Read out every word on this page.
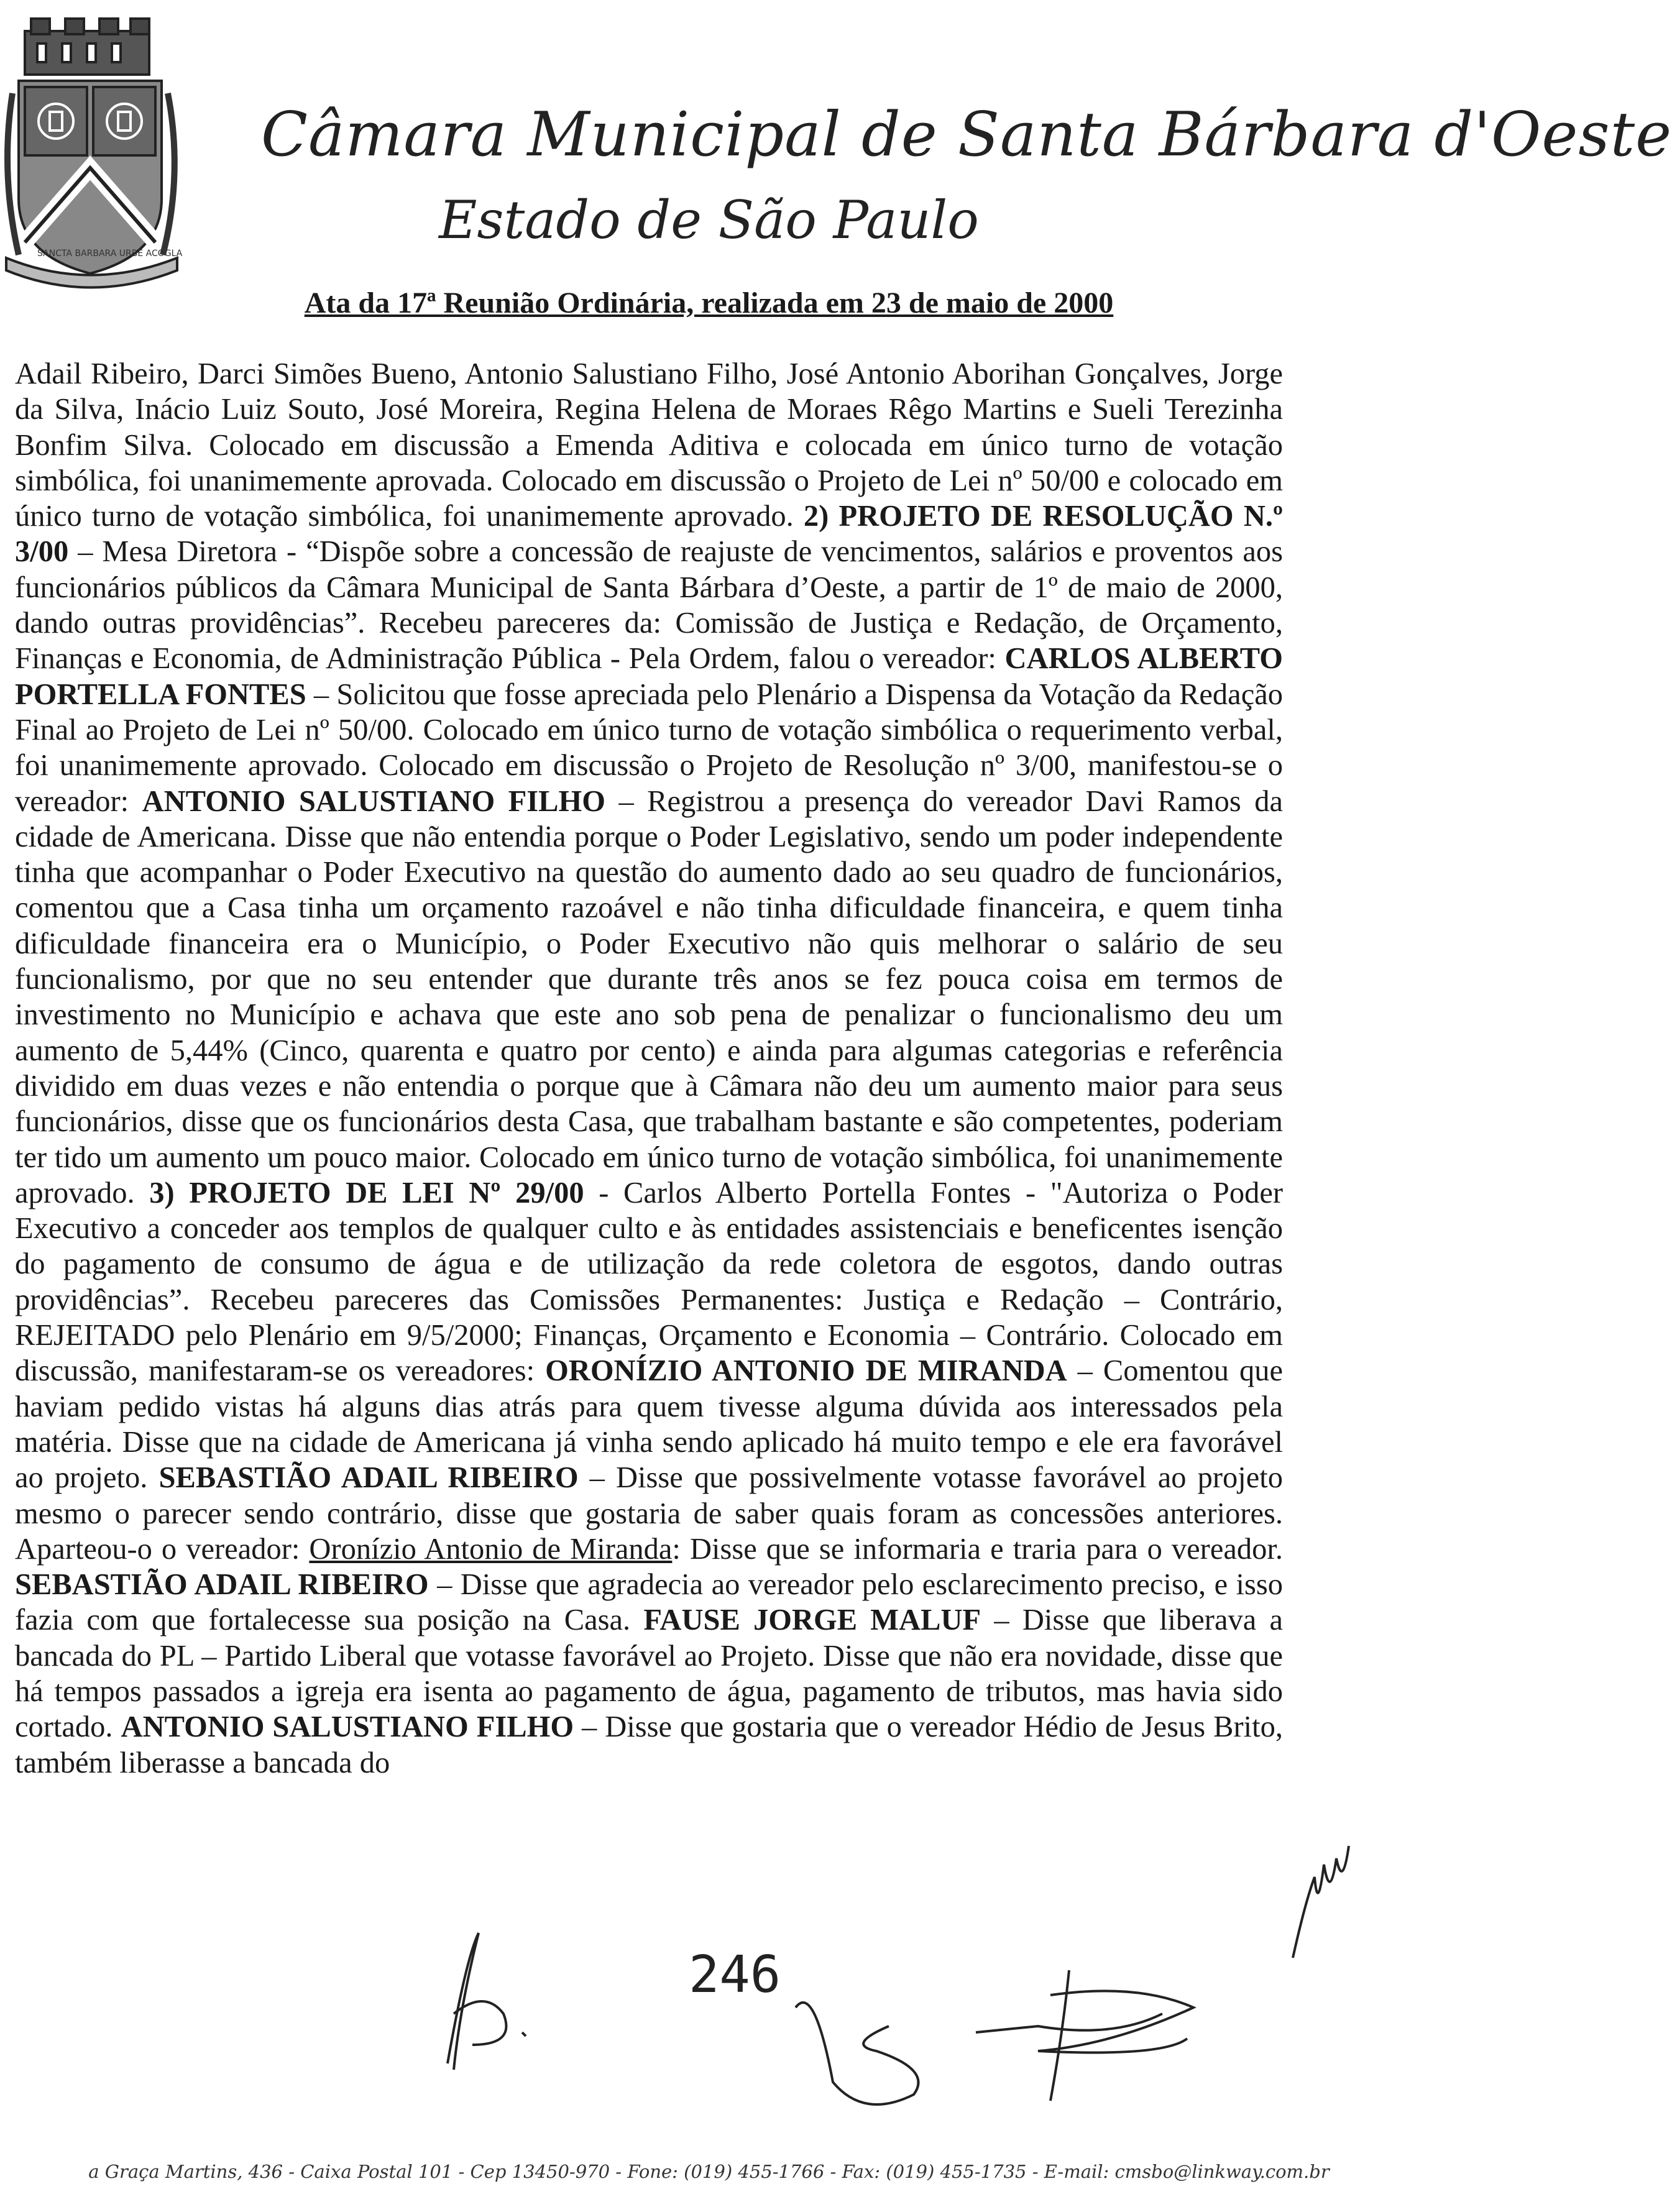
SANCTA BARBARA URBE ACOGLA
Câmara Municipal de Santa Bárbara d'Oeste
Estado de São Paulo
Ata da 17ª Reunião Ordinária, realizada em 23 de maio de 2000
Adail Ribeiro, Darci Simões Bueno, Antonio Salustiano Filho, José Antonio Aborihan Gonçalves, Jorge da Silva, Inácio Luiz Souto, José Moreira, Regina Helena de Moraes Rêgo Martins e Sueli Terezinha Bonfim Silva. Colocado em discussão a Emenda Aditiva e colocada em único turno de votação simbólica, foi unanimemente aprovada. Colocado em discussão o Projeto de Lei nº 50/00 e colocado em único turno de votação simbólica, foi unanimemente aprovado. 2) PROJETO DE RESOLUÇÃO N.º 3/00 – Mesa Diretora - “Dispõe sobre a concessão de reajuste de vencimentos, salários e proventos aos funcionários públicos da Câmara Municipal de Santa Bárbara d’Oeste, a partir de 1º de maio de 2000, dando outras providências”. Recebeu pareceres da: Comissão de Justiça e Redação, de Orçamento, Finanças e Economia, de Administração Pública - Pela Ordem, falou o vereador: CARLOS ALBERTO PORTELLA FONTES – Solicitou que fosse apreciada pelo Plenário a Dispensa da Votação da Redação Final ao Projeto de Lei nº 50/00. Colocado em único turno de votação simbólica o requerimento verbal, foi unanimemente aprovado. Colocado em discussão o Projeto de Resolução nº 3/00, manifestou-se o vereador: ANTONIO SALUSTIANO FILHO – Registrou a presença do vereador Davi Ramos da cidade de Americana. Disse que não entendia porque o Poder Legislativo, sendo um poder independente tinha que acompanhar o Poder Executivo na questão do aumento dado ao seu quadro de funcionários, comentou que a Casa tinha um orçamento razoável e não tinha dificuldade financeira, e quem tinha dificuldade financeira era o Município, o Poder Executivo não quis melhorar o salário de seu funcionalismo, por que no seu entender que durante três anos se fez pouca coisa em termos de investimento no Município e achava que este ano sob pena de penalizar o funcionalismo deu um aumento de 5,44% (Cinco, quarenta e quatro por cento) e ainda para algumas categorias e referência dividido em duas vezes e não entendia o porque que à Câmara não deu um aumento maior para seus funcionários, disse que os funcionários desta Casa, que trabalham bastante e são competentes, poderiam ter tido um aumento um pouco maior. Colocado em único turno de votação simbólica, foi unanimemente aprovado. 3) PROJETO DE LEI Nº 29/00 - Carlos Alberto Portella Fontes - "Autoriza o Poder Executivo a conceder aos templos de qualquer culto e às entidades assistenciais e beneficentes isenção do pagamento de consumo de água e de utilização da rede coletora de esgotos, dando outras providências”. Recebeu pareceres das Comissões Permanentes: Justiça e Redação – Contrário, REJEITADO pelo Plenário em 9/5/2000; Finanças, Orçamento e Economia – Contrário. Colocado em discussão, manifestaram-se os vereadores: ORONÍZIO ANTONIO DE MIRANDA – Comentou que haviam pedido vistas há alguns dias atrás para quem tivesse alguma dúvida aos interessados pela matéria. Disse que na cidade de Americana já vinha sendo aplicado há muito tempo e ele era favorável ao projeto. SEBASTIÃO ADAIL RIBEIRO – Disse que possivelmente votasse favorável ao projeto mesmo o parecer sendo contrário, disse que gostaria de saber quais foram as concessões anteriores. Aparteou-o o vereador: Oronízio Antonio de Miranda: Disse que se informaria e traria para o vereador. SEBASTIÃO ADAIL RIBEIRO – Disse que agradecia ao vereador pelo esclarecimento preciso, e isso fazia com que fortalecesse sua posição na Casa. FAUSE JORGE MALUF – Disse que liberava a bancada do PL – Partido Liberal que votasse favorável ao Projeto. Disse que não era novidade, disse que há tempos passados a igreja era isenta ao pagamento de água, pagamento de tributos, mas havia sido cortado. ANTONIO SALUSTIANO FILHO – Disse que gostaria que o vereador Hédio de Jesus Brito, também liberasse a bancada do
246
a Graça Martins, 436 - Caixa Postal 101 - Cep 13450-970 - Fone: (019) 455-1766 - Fax: (019) 455-1735 - E-mail: cmsbo@linkway.com.br
